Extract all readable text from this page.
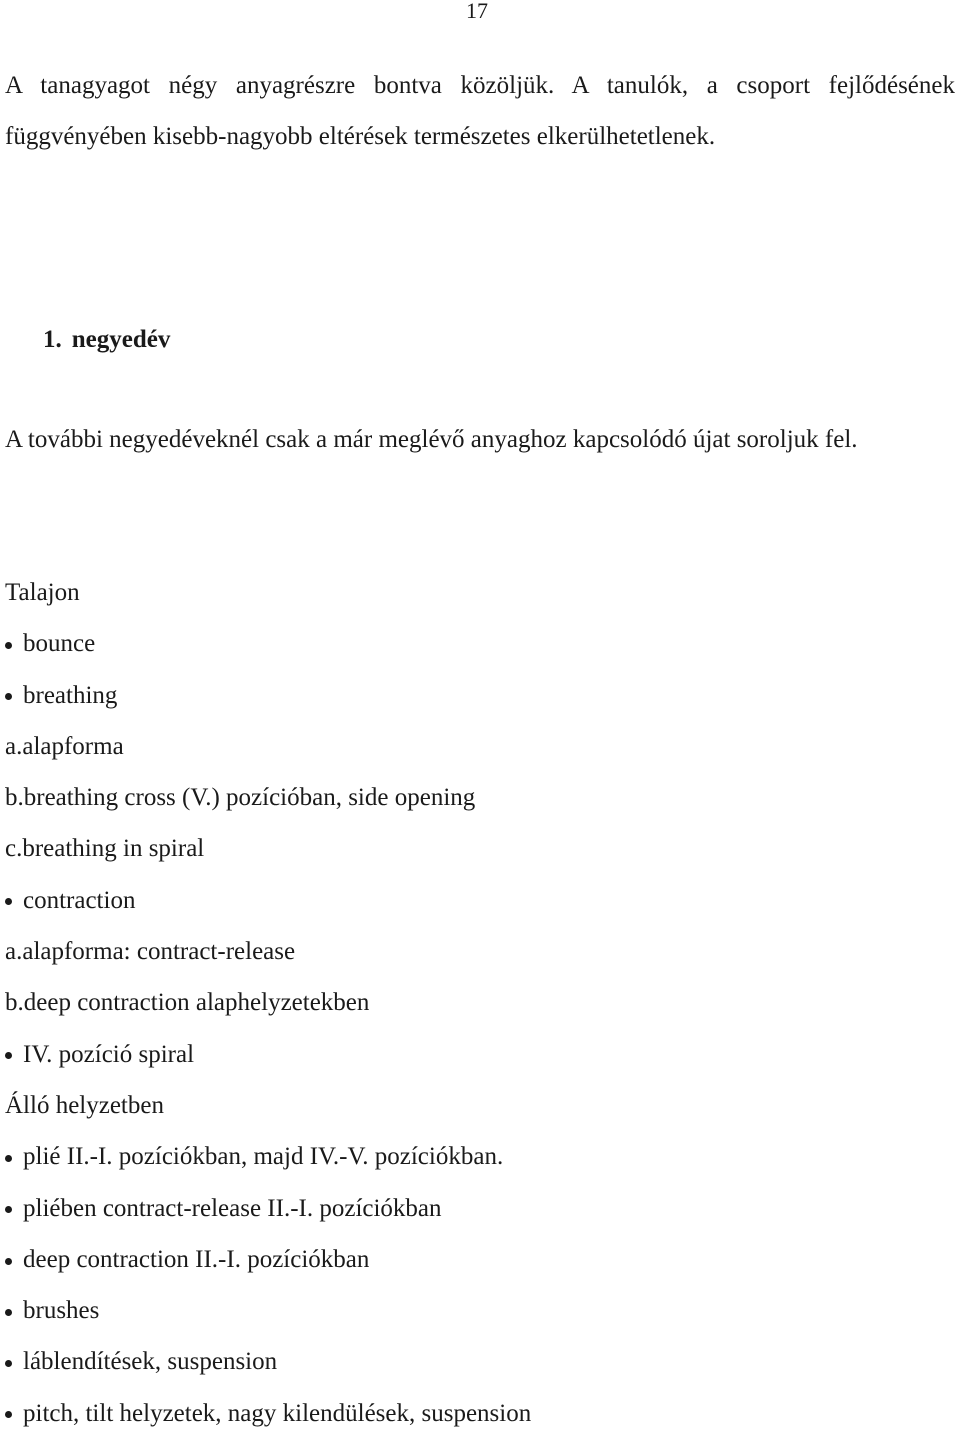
17

A tanagyagot négy anyagrészre bontva közöljük. A tanulók, a csoport fejlődésének függvényében kisebb-nagyobb eltérések természetes elkerülhetetlenek.

1. negyedév

A további negyedéveknél csak a már meglévő anyaghoz kapcsolódó újat soroljuk fel.

Talajon
bounce
breathing
a.alapforma
b.breathing cross (V.) pozícióban, side opening
c.breathing in spiral
contraction
a.alapforma: contract-release
b.deep contraction alaphelyzetekben
IV. pozíció spiral
Álló helyzetben
plié II.-I. pozíciókban, majd IV.-V. pozíciókban.
pliében contract-release II.-I. pozíciókban
deep contraction II.-I. pozíciókban
brushes
láblendítések, suspension
pitch, tilt helyzetek, nagy kilendülések, suspension
